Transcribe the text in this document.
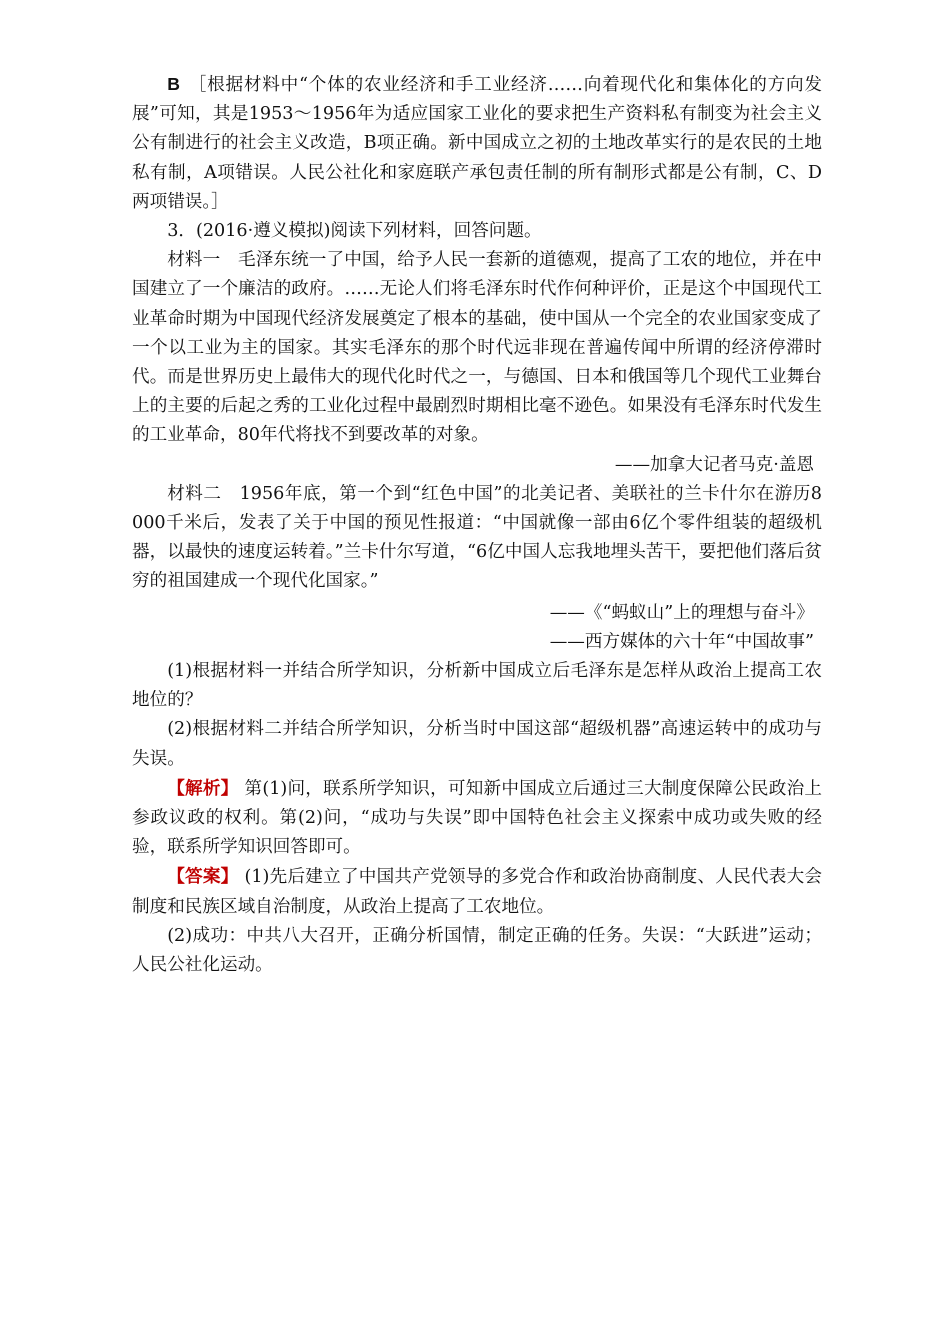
B ［根据材料中“个体的农业经济和手工业经济……向着现代化和集体化的方向发展”可知，其是1953～1956年为适应国家工业化的要求把生产资料私有制变为社会主义公有制进行的社会主义改造，B项正确。新中国成立之初的土地改革实行的是农民的土地私有制，A项错误。人民公社化和家庭联产承包责任制的所有制形式都是公有制，C、D两项错误。］

3．(2016·遵义模拟)阅读下列材料，回答问题。

材料一　毛泽东统一了中国，给予人民一套新的道德观，提高了工农的地位，并在中国建立了一个廉洁的政府。……无论人们将毛泽东时代作何种评价，正是这个中国现代工业革命时期为中国现代经济发展奠定了根本的基础，使中国从一个完全的农业国家变成了一个以工业为主的国家。其实毛泽东的那个时代远非现在普遍传闻中所谓的经济停滞时代。而是世界历史上最伟大的现代化时代之一，与德国、日本和俄国等几个现代工业舞台上的主要的后起之秀的工业化过程中最剧烈时期相比毫不逊色。如果没有毛泽东时代发生的工业革命，80年代将找不到要改革的对象。

——加拿大记者马克·盖恩

材料二　1956年底，第一个到“红色中国”的北美记者、美联社的兰卡什尔在游历8 000千米后，发表了关于中国的预见性报道：“中国就像一部由6亿个零件组装的超级机器，以最快的速度运转着。”兰卡什尔写道，“6亿中国人忘我地埋头苦干，要把他们落后贫穷的祖国建成一个现代化国家。”

——《“蚂蚁山”上的理想与奋斗》

——西方媒体的六十年“中国故事”

(1)根据材料一并结合所学知识，分析新中国成立后毛泽东是怎样从政治上提高工农地位的？

(2)根据材料二并结合所学知识，分析当时中国这部“超级机器”高速运转中的成功与失误。

【解析】 第(1)问，联系所学知识，可知新中国成立后通过三大制度保障公民政治上参政议政的权利。第(2)问，“成功与失误”即中国特色社会主义探索中成功或失败的经验，联系所学知识回答即可。

【答案】 (1)先后建立了中国共产党领导的多党合作和政治协商制度、人民代表大会制度和民族区域自治制度，从政治上提高了工农地位。

(2)成功：中共八大召开，正确分析国情，制定正确的任务。失误：“大跃进”运动；人民公社化运动。
